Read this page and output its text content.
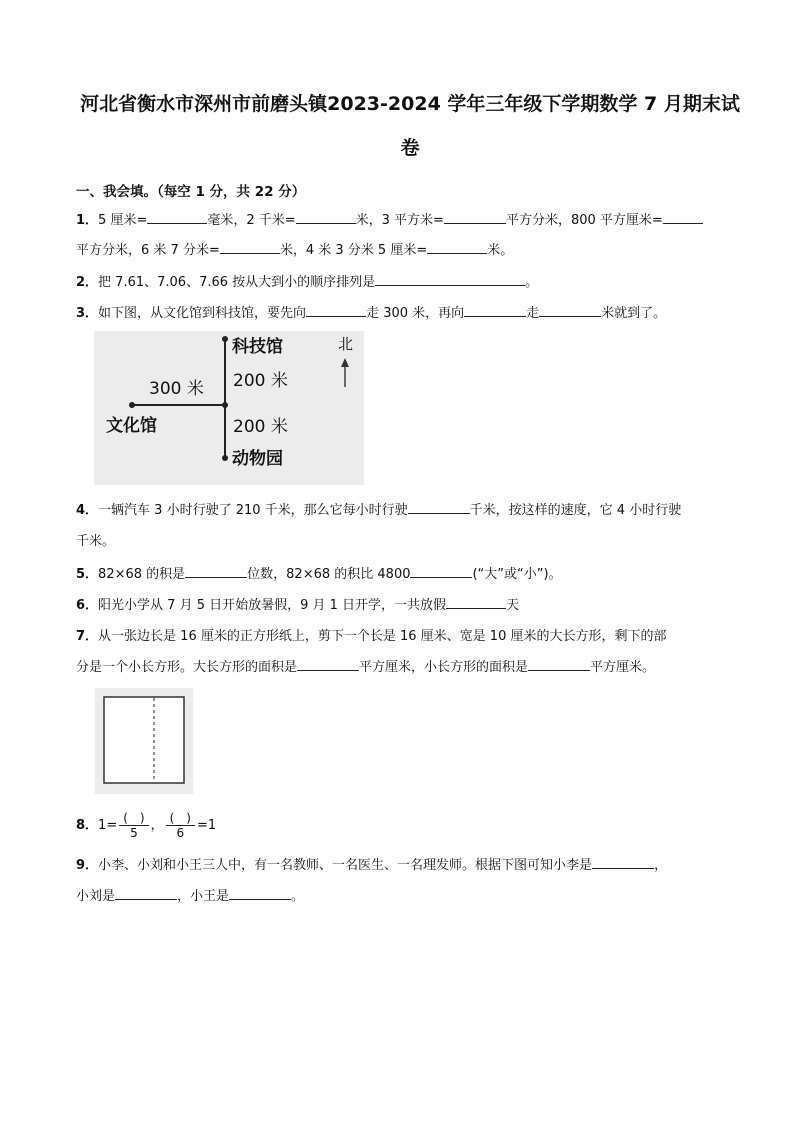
河北省衡水市深州市前磨头镇2023-2024 学年三年级下学期数学 7 月期末试
卷
一、我会填。（每空 1 分，共 22 分）
1．5 厘米=	毫米，2 千米=	米，3 平方米=	平方分米，800 平方厘米=
平方分米，6 米 7 分米=	米，4 米 3 分米 5 厘米=	米。
2．把 7.61、7.06、7.66 按从大到小的顺序排列是	。
3．如下图，从文化馆到科技馆，要先向	走 300 米，再向	走	米就到了。
科技馆
300 米 200 米
文化馆	200 米
动物园
北
4．一辆汽车 3 小时行驶了 210 千米，那么它每小时行驶	千米，按这样的速度，它 4 小时行驶
千米。
5．82×68 的积是	位数，82×68 的积比 4800	(“大”或“小”)。
6．阳光小学从 7 月 5 日开始放暑假，9 月 1 日开学，一共放假	天
7．从一张边长是 16 厘米的正方形纸上，剪下一个长是 16 厘米、宽是 10 厘米的大长方形，剩下的部
分是一个小长方形。大长方形的面积是	平方厘米，小长方形的面积是	平方厘米。
8．$1= \frac{( )}{5}$ ， $\frac{( )}{6} =1$
9．小李、小刘和小王三人中，有一名教师、一名医生、一名理发师。根据下图可知小李是	，
小刘是	，小王是	。
